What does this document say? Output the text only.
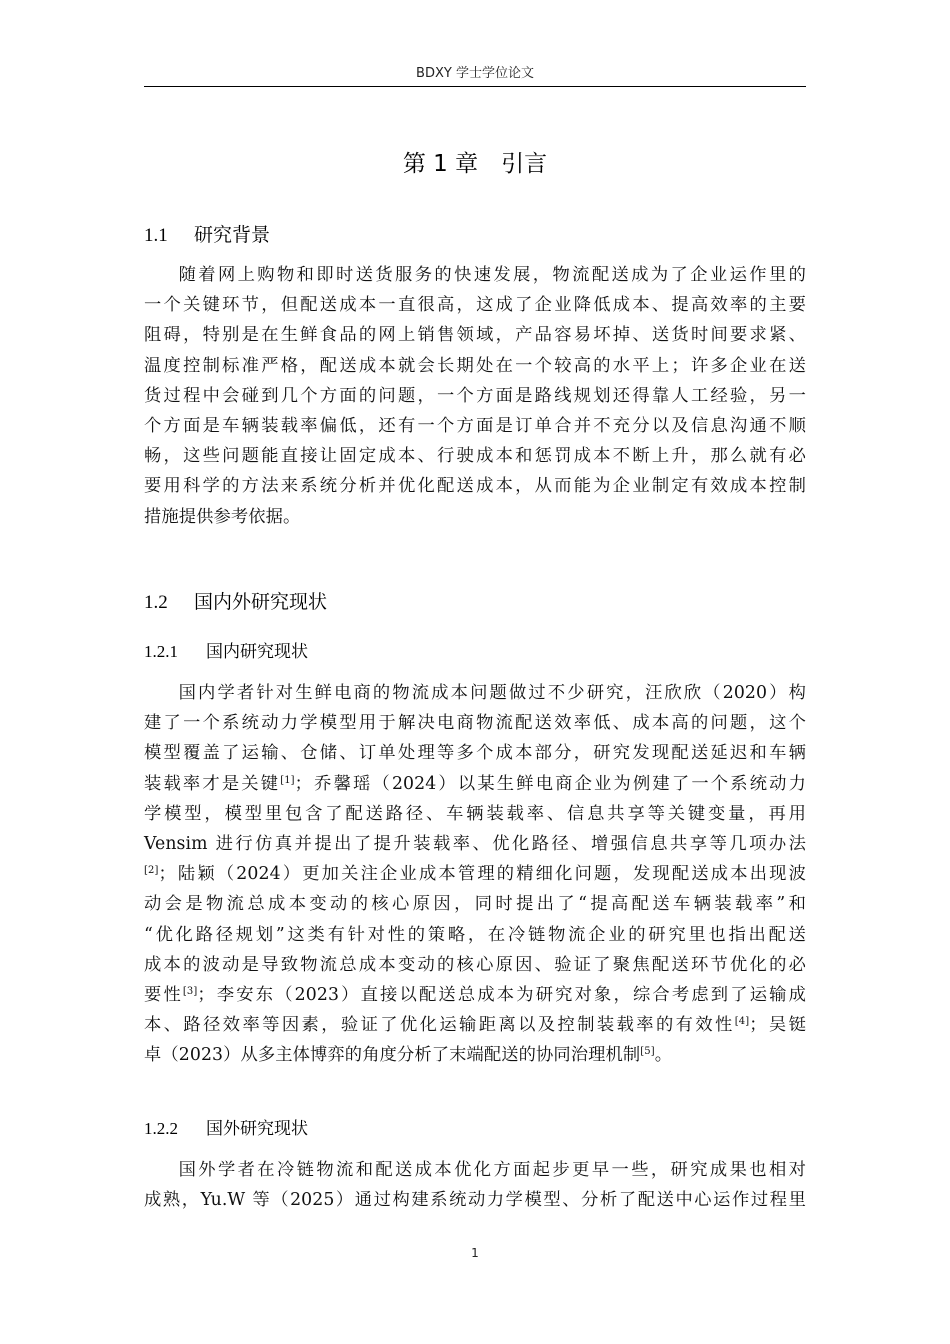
BDXY 学士学位论文
第 1 章　引言
1.1 研究背景

随着网上购物和即时送货服务的快速发展，物流配送成为了企业运作里的
一个关键环节，但配送成本一直很高，这成了企业降低成本、提高效率的主要
阻碍，特别是在生鲜食品的网上销售领域，产品容易坏掉、送货时间要求紧、
温度控制标准严格，配送成本就会长期处在一个较高的水平上；许多企业在送
货过程中会碰到几个方面的问题，一个方面是路线规划还得靠人工经验，另一
个方面是车辆装载率偏低，还有一个方面是订单合并不充分以及信息沟通不顺
畅，这些问题能直接让固定成本、行驶成本和惩罚成本不断上升，那么就有必
要用科学的方法来系统分析并优化配送成本，从而能为企业制定有效成本控制
措施提供参考依据。

1.2 国内外研究现状
1.2.1 国内研究现状

国内学者针对生鲜电商的物流成本问题做过不少研究，汪欣欣（2020）构
建了一个系统动力学模型用于解决电商物流配送效率低、成本高的问题，这个
模型覆盖了运输、仓储、订单处理等多个成本部分，研究发现配送延迟和车辆
装载率才是关键[1]；乔馨瑶（2024）以某生鲜电商企业为例建了一个系统动力
学模型，模型里包含了配送路径、车辆装载率、信息共享等关键变量，再用
Vensim 进行仿真并提出了提升装载率、优化路径、增强信息共享等几项办法
[2]；陆颖（2024）更加关注企业成本管理的精细化问题，发现配送成本出现波
动会是物流总成本变动的核心原因，同时提出了“提高配送车辆装载率”和
“优化路径规划”这类有针对性的策略，在冷链物流企业的研究里也指出配送
成本的波动是导致物流总成本变动的核心原因、验证了聚焦配送环节优化的必
要性[3]；李安东（2023）直接以配送总成本为研究对象，综合考虑到了运输成
本、路径效率等因素，验证了优化运输距离以及控制装载率的有效性[4]；吴铤
卓（2023）从多主体博弈的角度分析了末端配送的协同治理机制[5]。

1.2.2 国外研究现状

国外学者在冷链物流和配送成本优化方面起步更早一些，研究成果也相对
成熟，Yu.W 等（2025）通过构建系统动力学模型、分析了配送中心运作过程里

1
